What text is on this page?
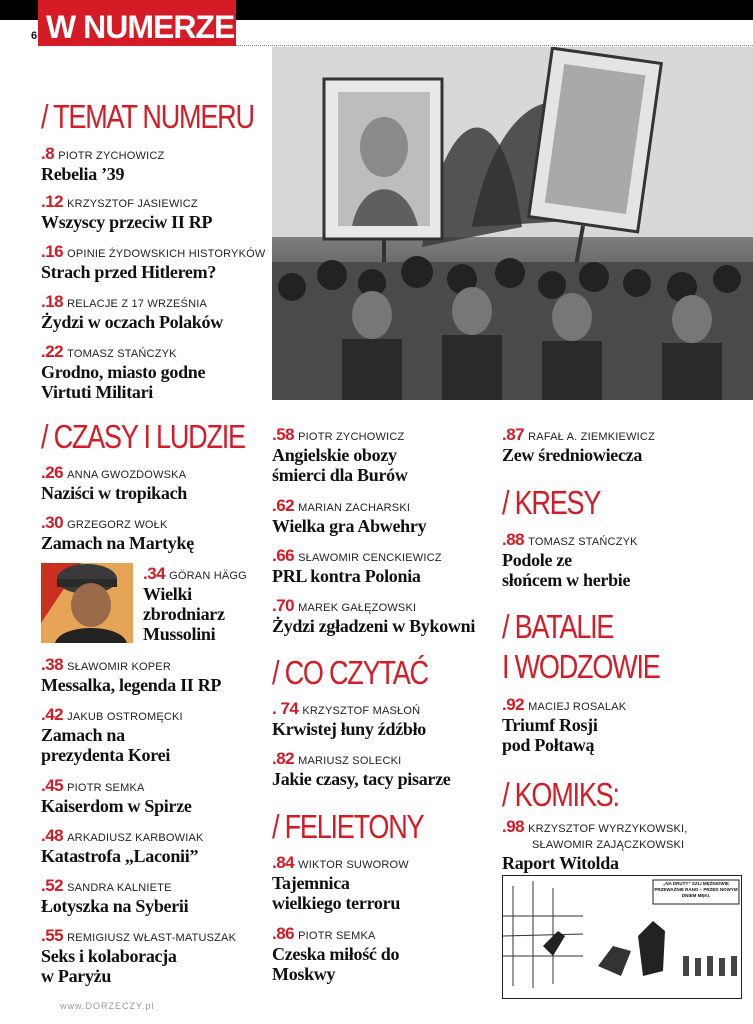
W NUMERZE
6
/ TEMAT NUMERU
.8 PIOTR ZYCHOWICZ
Rebelia ’39
.12 KRZYSZTOF JASIEWICZ
Wszyscy przeciw II RP
.16 OPINIE ŻYDOWSKICH HISTORYKÓW
Strach przed Hitlerem?
.18 RELACJE Z 17 WRZEŚNIA
Żydzi w oczach Polaków
.22 TOMASZ STAŃCZYK
Grodno, miasto godne
Virtuti Militari
/ CZASY I LUDZIE
.26 ANNA GWOZDOWSKA
Naziści w tropikach
.30 GRZEGORZ WOŁK
Zamach na Martykę
.34 GÖRAN HÄGG
Wielki
zbrodniarz
Mussolini
.38 SŁAWOMIR KOPER
Messalka, legenda II RP
.42 JAKUB OSTROMĘCKI
Zamach na
prezydenta Korei
.45 PIOTR SEMKA
Kaiserdom w Spirze
.48 ARKADIUSZ KARBOWIAK
Katastrofa „Laconii”
.52 SANDRA KALNIETE
Łotyszka na Syberii
.55 REMIGIUSZ WŁAST-MATUSZAK
Seks i kolaboracja
w Paryżu
.58 PIOTR ZYCHOWICZ
Angielskie obozy
śmierci dla Burów
.62 MARIAN ZACHARSKI
Wielka gra Abwehry
.66 SŁAWOMIR CENCKIEWICZ
PRL kontra Polonia
.70 MAREK GAŁĘZOWSKI
Żydzi zgładzeni w Bykowni
/ CO CZYTAĆ
. 74 KRZYSZTOF MASŁOŃ
Krwistej łuny źdźbło
.82 MARIUSZ SOLECKI
Jakie czasy, tacy pisarze
/ FELIETONY
.84 WIKTOR SUWOROW
Tajemnica
wielkiego terroru
.86 PIOTR SEMKA
Czeska miłość do
Moskwy
.87 RAFAŁ A. ZIEMKIEWICZ
Zew średniowiecza
/ KRESY
.88 TOMASZ STAŃCZYK
Podole ze
słońcem w herbie
/ BATALIE
I WODZOWIE
.92 MACIEJ ROSALAK
Triumf Rosji
pod Połtawą
/ KOMIKS:
.98 KRZYSZTOF WYRZYKOWSKI,
SŁAWOMIR ZAJĄCZKOWSKI
Raport Witolda
„NA DRUTY” SZLI MĘŻNIOWIE PRZEWAŻNIE RANO – PRZED NOWYM DNIEM MĘKI.
www.DORZECZY.pl
